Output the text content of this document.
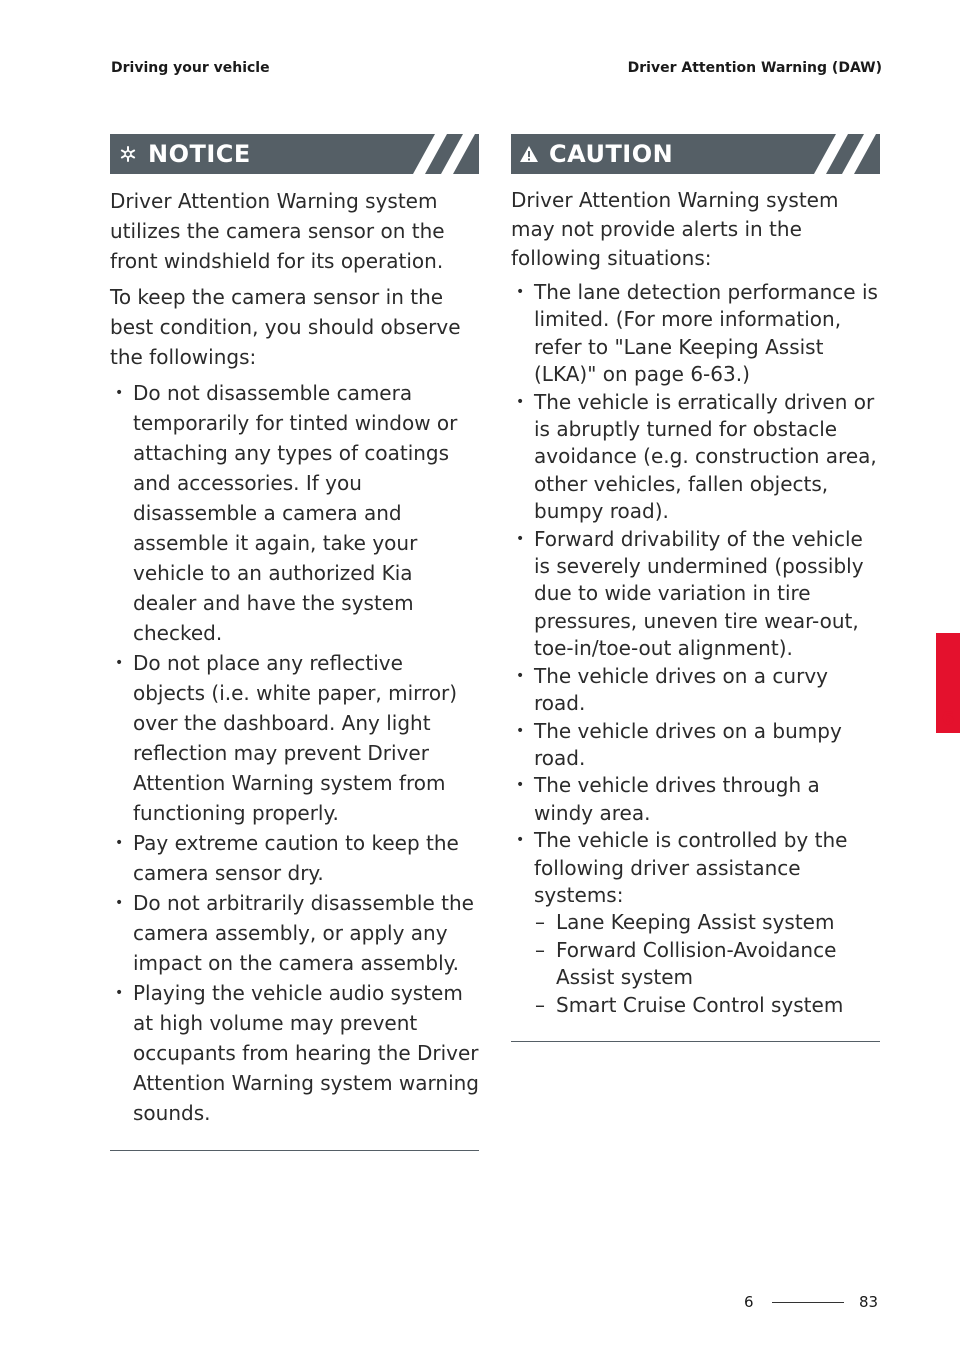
Driving your vehicle	Driver Attention Warning (DAW)
NOTICE

Driver Attention Warning system utilizes the camera sensor on the front windshield for its operation.

To keep the camera sensor in the best condition, you should observe the followings:

• Do not disassemble camera temporarily for tinted window or attaching any types of coatings and accessories. If you disassemble a camera and assemble it again, take your vehicle to an authorized Kia dealer and have the system checked.
• Do not place any reflective objects (i.e. white paper, mirror) over the dashboard. Any light reflection may prevent Driver Attention Warning system from functioning properly.
• Pay extreme caution to keep the camera sensor dry.
• Do not arbitrarily disassemble the camera assembly, or apply any impact on the camera assembly.
• Playing the vehicle audio system at high volume may prevent occupants from hearing the Driver Attention Warning system warning sounds.
CAUTION

Driver Attention Warning system may not provide alerts in the following situations:

• The lane detection performance is limited. (For more information, refer to "Lane Keeping Assist (LKA)" on page 6-63.)
• The vehicle is erratically driven or is abruptly turned for obstacle avoidance (e.g. construction area, other vehicles, fallen objects, bumpy road).
• Forward drivability of the vehicle is severely undermined (possibly due to wide variation in tire pressures, uneven tire wear-out, toe-in/toe-out alignment).
• The vehicle drives on a curvy road.
• The vehicle drives on a bumpy road.
• The vehicle drives through a windy area.
• The vehicle is controlled by the following driver assistance systems:
– Lane Keeping Assist system
– Forward Collision-Avoidance Assist system
– Smart Cruise Control system
6
6	83
